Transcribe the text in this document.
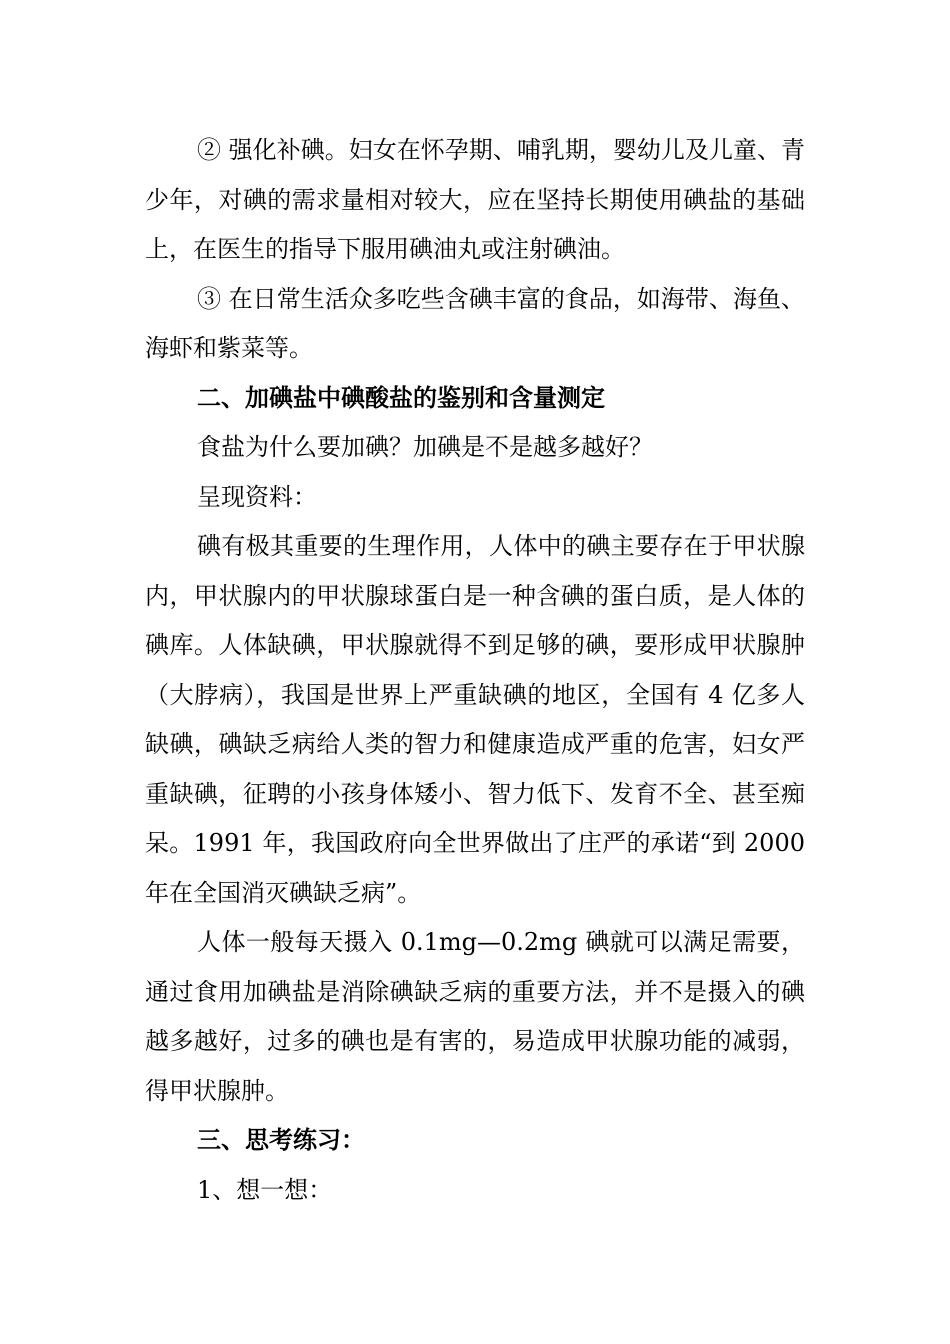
② 强化补碘。妇女在怀孕期、哺乳期，婴幼儿及儿童、青少年，对碘的需求量相对较大，应在坚持长期使用碘盐的基础上，在医生的指导下服用碘油丸或注射碘油。

③ 在日常生活众多吃些含碘丰富的食品，如海带、海鱼、海虾和紫菜等。

二、加碘盐中碘酸盐的鉴别和含量测定

食盐为什么要加碘？加碘是不是越多越好？

呈现资料：

碘有极其重要的生理作用，人体中的碘主要存在于甲状腺内，甲状腺内的甲状腺球蛋白是一种含碘的蛋白质，是人体的碘库。人体缺碘，甲状腺就得不到足够的碘，要形成甲状腺肿（大脖病），我国是世界上严重缺碘的地区，全国有 4 亿多人缺碘，碘缺乏病给人类的智力和健康造成严重的危害，妇女严重缺碘，征聘的小孩身体矮小、智力低下、发育不全、甚至痴呆。1991 年，我国政府向全世界做出了庄严的承诺“到 2000 年在全国消灭碘缺乏病”。

人体一般每天摄入 0.1mg—0.2mg 碘就可以满足需要，通过食用加碘盐是消除碘缺乏病的重要方法，并不是摄入的碘越多越好，过多的碘也是有害的，易造成甲状腺功能的减弱，得甲状腺肿。

三、思考练习：

1、想一想：
